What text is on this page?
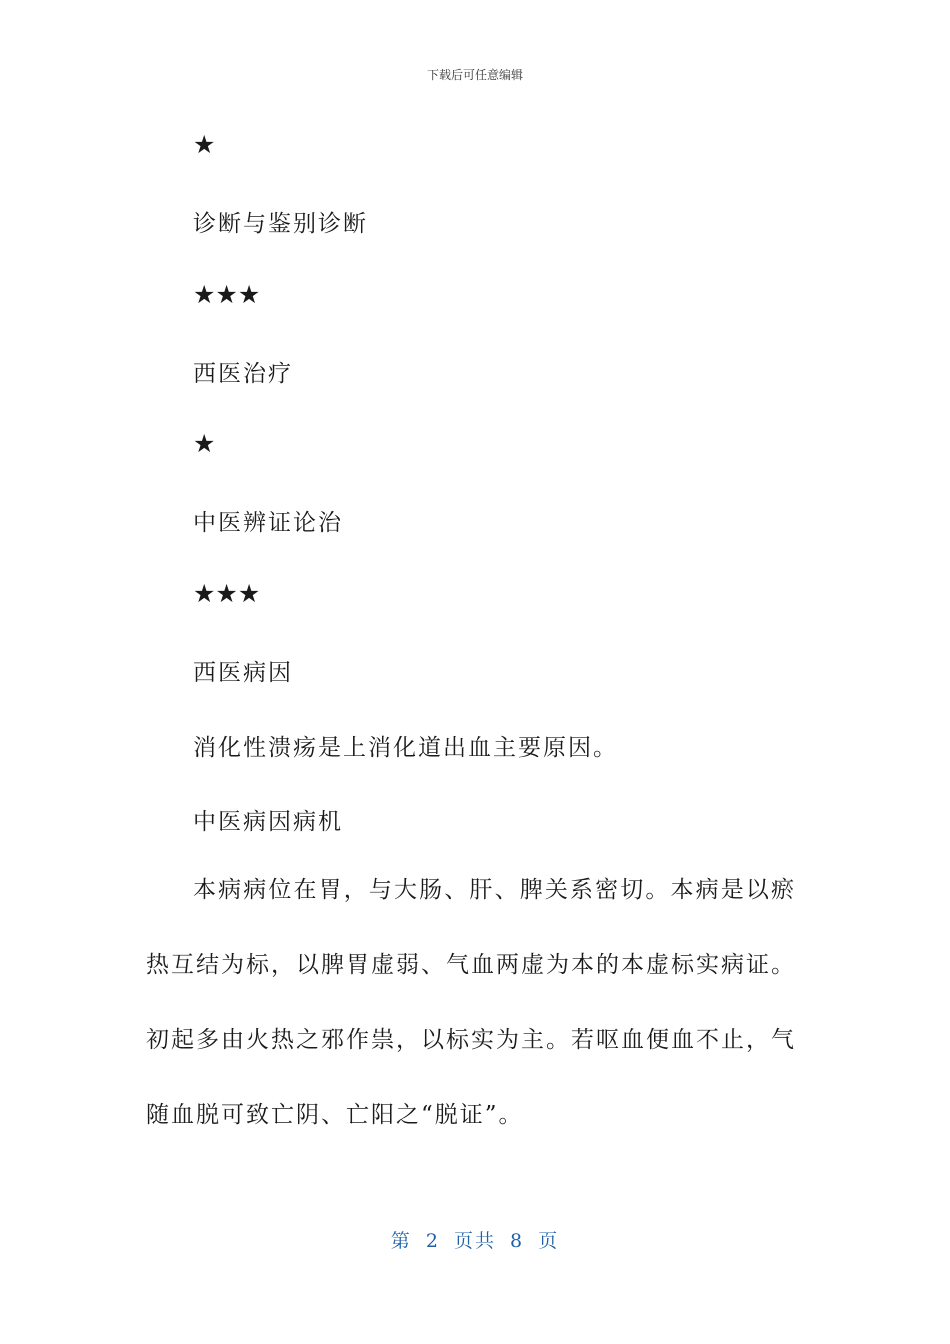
下载后可任意编辑
★
诊断与鉴别诊断
★★★
西医治疗
★
中医辨证论治
★★★
西医病因
消化性溃疡是上消化道出血主要原因。
中医病因病机
本病病位在胃，与大肠、肝、脾关系密切。本病是以瘀热互结为标，以脾胃虚弱、气血两虚为本的本虚标实病证。初起多由火热之邪作祟，以标实为主。若呕血便血不止，气随血脱可致亡阴、亡阳之“脱证”。
第 2 页共 8 页
